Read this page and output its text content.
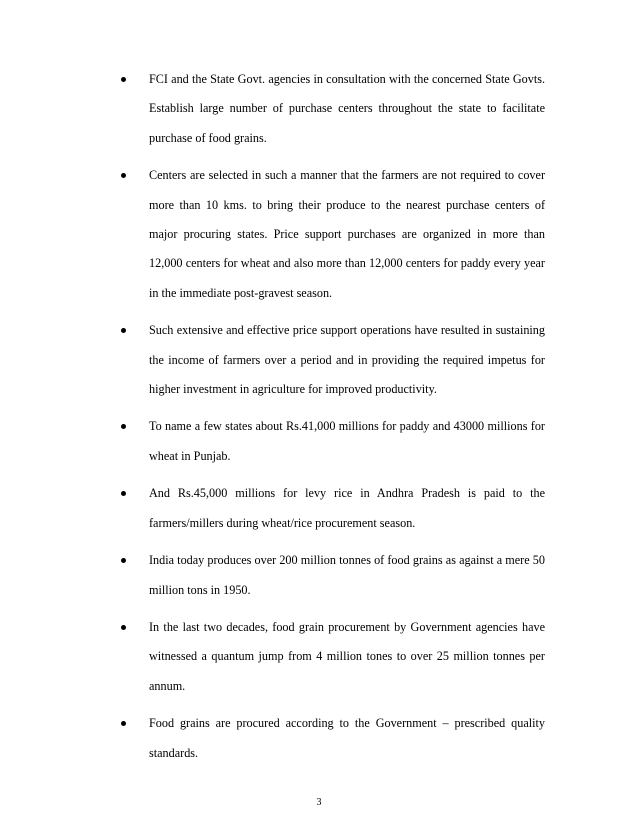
FCI and the State Govt. agencies in consultation with the concerned State Govts. Establish large number of purchase centers throughout the state to facilitate purchase of food grains.
Centers are selected in such a manner that the farmers are not required to cover more than 10 kms. to bring their produce to the nearest purchase centers of major procuring states. Price support purchases are organized in more than 12,000 centers for wheat and also more than 12,000 centers for paddy every year in the immediate post-gravest season.
Such extensive and effective price support operations have resulted in sustaining the income of farmers over a period and in providing the required impetus for higher investment in agriculture for improved productivity.
To name a few states about Rs.41,000 millions for paddy and 43000 millions for wheat in Punjab.
And Rs.45,000 millions for levy rice in Andhra Pradesh is paid to the farmers/millers during wheat/rice procurement season.
India today produces over 200 million tonnes of food grains as against a mere 50 million tons in 1950.
In the last two decades, food grain procurement by Government agencies have witnessed a quantum jump from 4 million tones to over 25 million tonnes per annum.
Food grains are procured according to the Government – prescribed quality standards.
3
